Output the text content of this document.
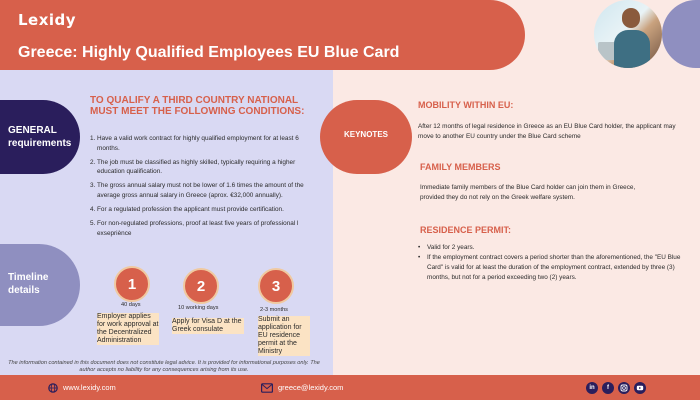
Lexidy
Greece: Highly Qualified Employees EU Blue Card
GENERAL requirements
Timeline details
TO QUALIFY A THIRD COUNTRY NATIONAL MUST MEET THE FOLLOWING CONDITIONS:
1. Have a valid work contract for highly qualified employment for at least 6 months.
2. The job must be classified as highly skilled, typically requiring a higher education qualification.
3. The gross annual salary must not be lower of 1.6 times the amount of the average gross annual salary in Greece (aprox. €32,000 annually).
4. For a regulated profession the applicant must provide certification.
5. For non-regulated professions, proof at least five years of professional l exsepriènce
1
40 days
Employer applies for work approval at the Decentralized Administration
2
10 working days
Apply for Visa D at the Greek consulate
3
2-3 months
Submit an application for EU residence permit at the Ministry
The information contained in this document does not constitute legal advice. It is provided for informational purposes only. The author accepts no liability for any consequences arising from its use.
KEYNOTES
MOBILITY WITHIN EU:
After 12 months of legal residence in Greece as an EU Blue Card holder, the applicant may move to another EU country under the Blue Card scheme
FAMILY MEMBERS
Immediate family members of the Blue Card holder can join them in Greece, provided they do not rely on the Greek welfare system.
RESIDENCE PERMIT:
• Valid for 2 years.
• If the employment contract covers a period shorter than the aforementioned, the "EU Blue Card" is valid for at least the duration of the employment contract, extended by three (3) months, but not for a period exceeding two (2) years.
www.lexidy.com	greece@lexidy.com	in	f
